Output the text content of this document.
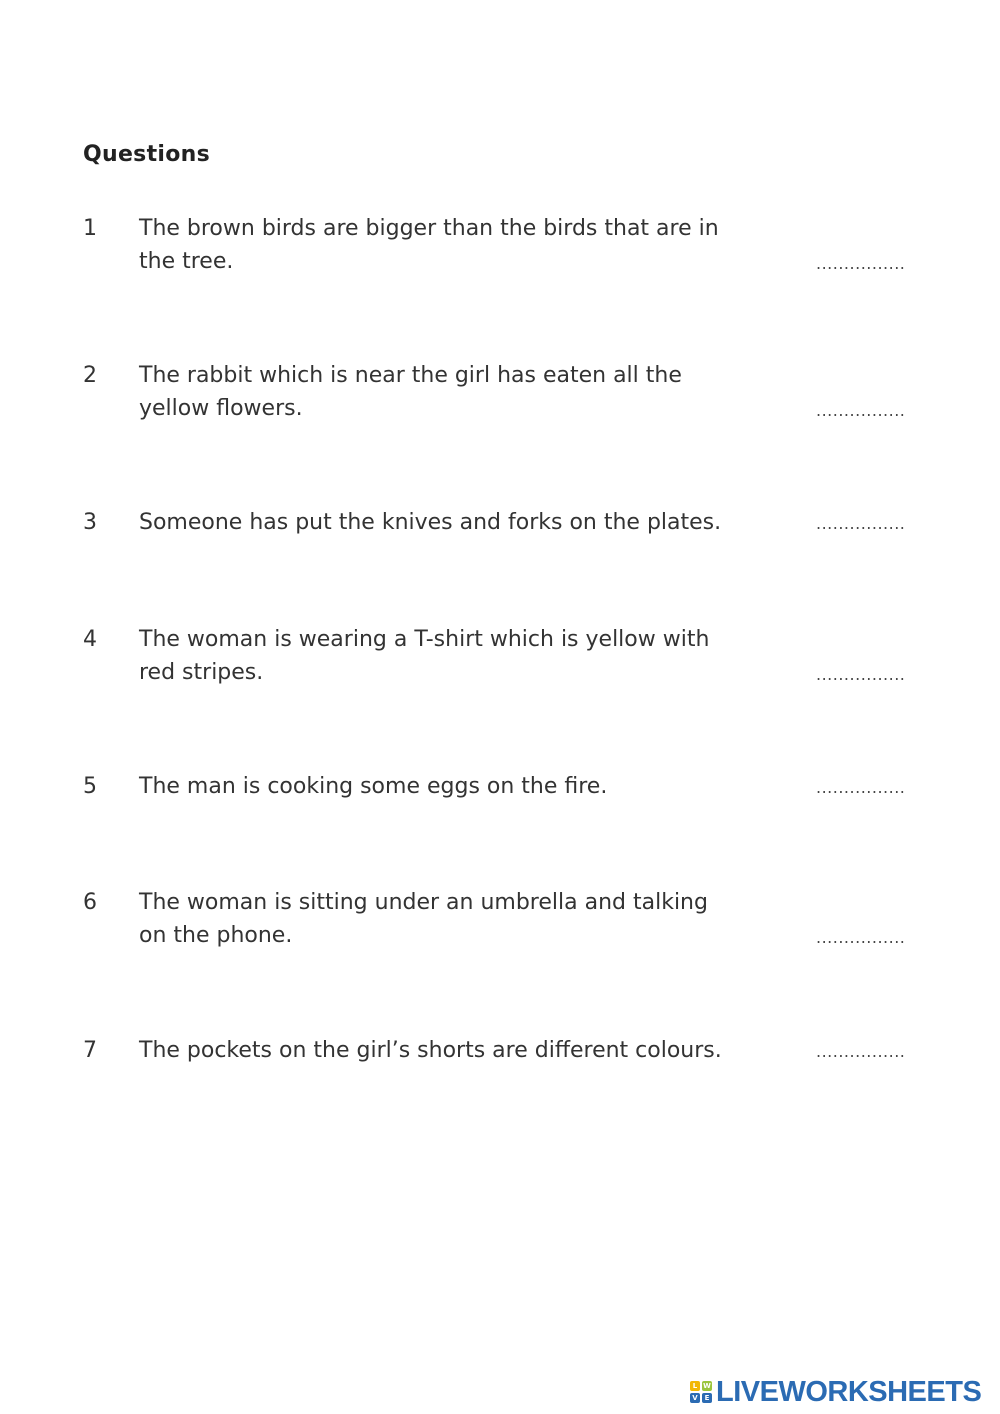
Questions
1 The brown birds are bigger than the birds that are in
the tree.	................
2 The rabbit which is near the girl has eaten all the
yellow flowers.	................
3 Someone has put the knives and forks on the plates.	................
4 The woman is wearing a T-shirt which is yellow with
red stripes.	................
5 The man is cooking some eggs on the fire.	................
6 The woman is sitting under an umbrella and talking
on the phone.	................
7 The pockets on the girl’s shorts are different colours.	................
L W
V E LIVEWORKSHEETS
